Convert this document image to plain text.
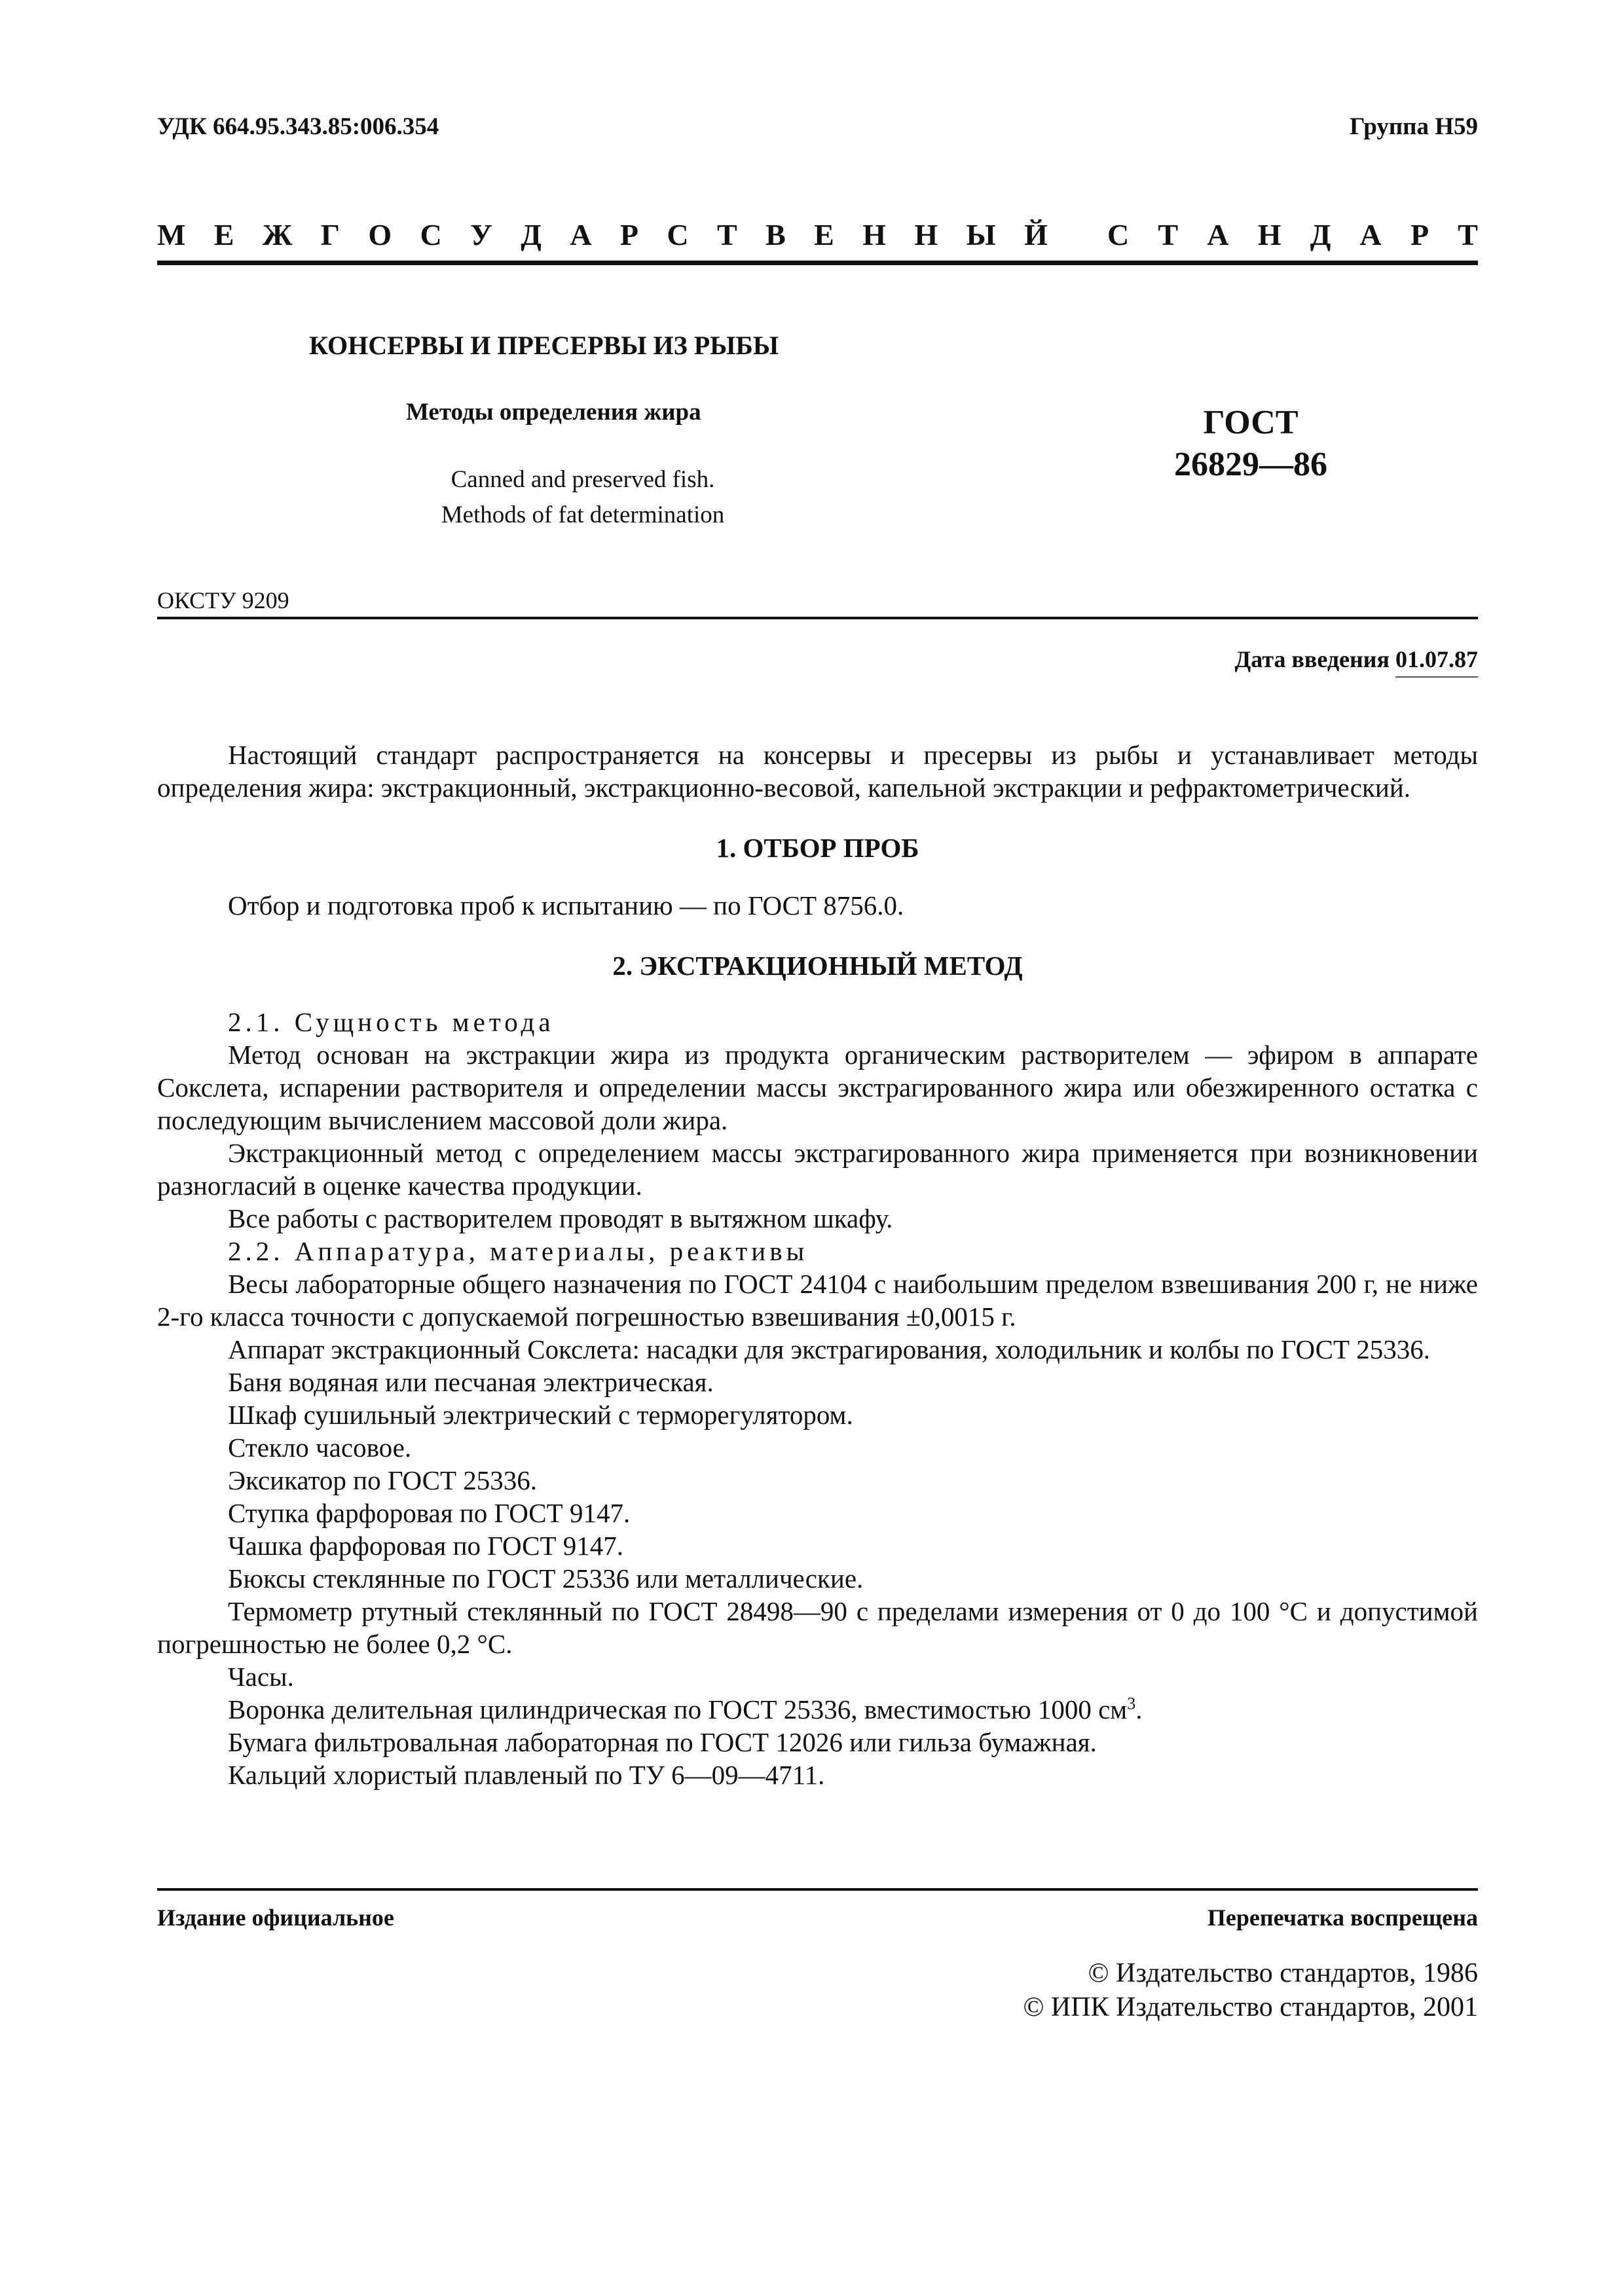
УДК 664.95.343.85:006.354	Группа Н59
М Е Ж Г О С У Д А Р С Т В Е Н Н Ы Й С Т А Н Д А Р Т
КОНСЕРВЫ И ПРЕСЕРВЫ ИЗ РЫБЫ
Методы определения жира
Canned and preserved fish.
Methods of fat determination
ГОСТ
26829—86
ОКСТУ 9209
Дата введения 01.07.87

Настоящий стандарт распространяется на консервы и пресервы из рыбы и устанавливает методы определения жира: экстракционный, экстракционно-весовой, капельной экстракции и рефрактометрический.

1. ОТБОР ПРОБ

Отбор и подготовка проб к испытанию — по ГОСТ 8756.0.

2. ЭКСТРАКЦИОННЫЙ МЕТОД

2.1. Сущность метода

Метод основан на экстракции жира из продукта органическим растворителем — эфиром в аппарате Сокслета, испарении растворителя и определении массы экстрагированного жира или обезжиренного остатка с последующим вычислением массовой доли жира.

Экстракционный метод с определением массы экстрагированного жира применяется при возникновении разногласий в оценке качества продукции.

Все работы с растворителем проводят в вытяжном шкафу.

2.2. Аппаратура, материалы, реактивы

Весы лабораторные общего назначения по ГОСТ 24104 с наибольшим пределом взвешивания 200 г, не ниже 2-го класса точности с допускаемой погрешностью взвешивания ±0,0015 г.

Аппарат экстракционный Сокслета: насадки для экстрагирования, холодильник и колбы по ГОСТ 25336.

Баня водяная или песчаная электрическая.

Шкаф сушильный электрический с терморегулятором.

Стекло часовое.

Эксикатор по ГОСТ 25336.

Ступка фарфоровая по ГОСТ 9147.

Чашка фарфоровая по ГОСТ 9147.

Бюксы стеклянные по ГОСТ 25336 или металлические.

Термометр ртутный стеклянный по ГОСТ 28498—90 с пределами измерения от 0 до 100 °С и допустимой погрешностью не более 0,2 °С.

Часы.

Воронка делительная цилиндрическая по ГОСТ 25336, вместимостью 1000 $см^3$.

Бумага фильтровальная лабораторная по ГОСТ 12026 или гильза бумажная.

Кальций хлористый плавленый по ТУ 6—09—4711.

Издание официальное	Перепечатка воспрещена
© Издательство стандартов, 1986
© ИПК Издательство стандартов, 2001
